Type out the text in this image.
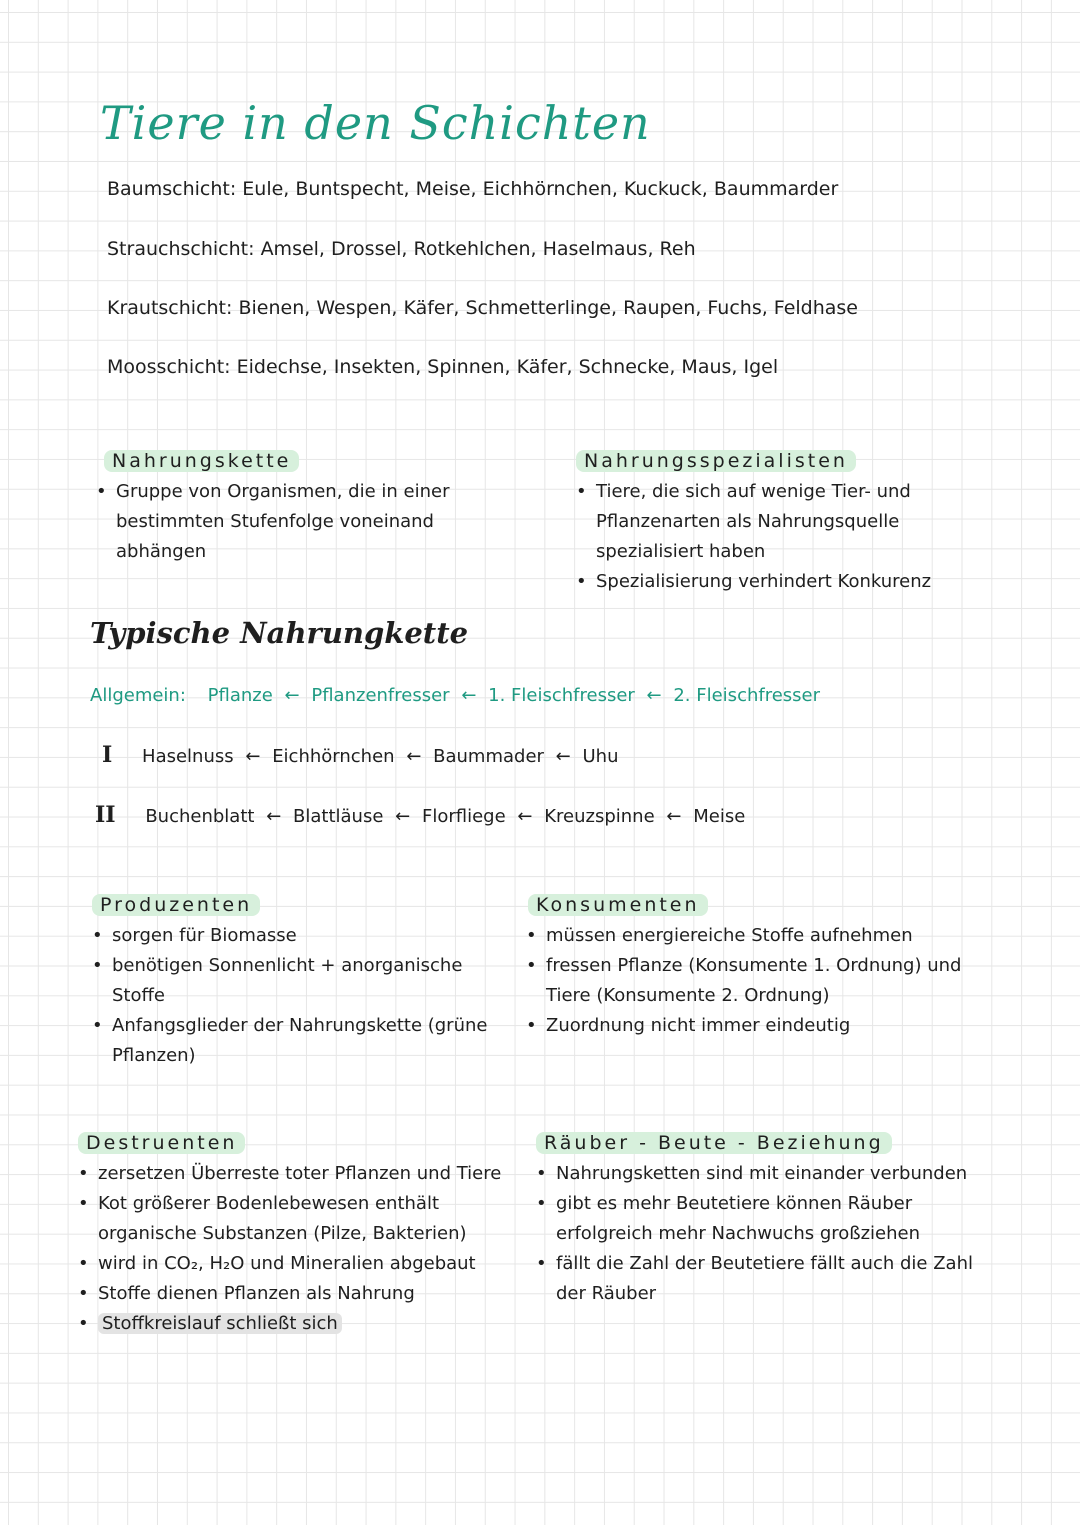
Tiere in den Schichten
Baumschicht: Eule, Buntspecht, Meise, Eichhörnchen, Kuckuck, Baummarder
Strauchschicht: Amsel, Drossel, Rotkehlchen, Haselmaus, Reh
Krautschicht: Bienen, Wespen, Käfer, Schmetterlinge, Raupen, Fuchs, Feldhase
Moosschicht: Eidechse, Insekten, Spinnen, Käfer, Schnecke, Maus, Igel
Nahrungskette
• Gruppe von Organismen, die in einer bestimmten Stufenfolge voneinand abhängen
Nahrungsspezialisten
• Tiere, die sich auf wenige Tier- und Pflanzenarten als Nahrungsquelle spezialisiert haben
• Spezialisierung verhindert Konkurenz
Typische Nahrungkette
Allgemein: Pflanze ← Pflanzenfresser ← 1. Fleischfresser ← 2. Fleischfresser
I Haselnuss ← Eichhörnchen ← Baummader ← Uhu
II Buchenblatt ← Blattläuse ← Florfliege ← Kreuzspinne ← Meise
Produzenten
• sorgen für Biomasse
• benötigen Sonnenlicht + anorganische Stoffe
• Anfangsglieder der Nahrungskette (grüne Pflanzen)
Konsumenten
• müssen energiereiche Stoffe aufnehmen
• fressen Pflanze (Konsumente 1. Ordnung) und Tiere (Konsumente 2. Ordnung)
• Zuordnung nicht immer eindeutig
Destruenten
• zersetzen Überreste toter Pflanzen und Tiere
• Kot größerer Bodenlebewesen enthält organische Substanzen (Pilze, Bakterien)
• wird in CO₂, H₂O und Mineralien abgebaut
• Stoffe dienen Pflanzen als Nahrung
• Stoffkreislauf schließt sich
Räuber - Beute - Beziehung
• Nahrungsketten sind mit einander verbunden
• gibt es mehr Beutetiere können Räuber erfolgreich mehr Nachwuchs großziehen
• fällt die Zahl der Beutetiere fällt auch die Zahl der Räuber
